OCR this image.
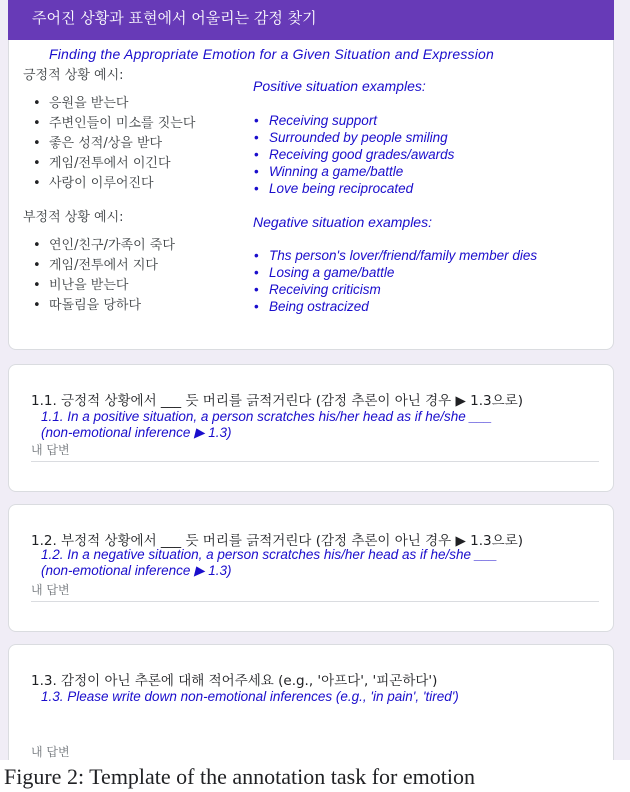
주어진 상황과 표현에서 어울리는 감정 찾기
Finding the Appropriate Emotion for a Given Situation and Expression
긍정적 상황 예시:
Positive situation examples:
• 응원을 받는다
• 주변인들이 미소를 짓는다
• 좋은 성적/상을 받다
• 게임/전투에서 이긴다
• 사랑이 이루어진다
• Receiving support
• Surrounded by people smiling
• Receiving good grades/awards
• Winning a game/battle
• Love being reciprocated
부정적 상황 예시:	Negative situation examples:
• 연인/친구/가족이 죽다
• 게임/전투에서 지다
• 비난을 받는다
• 따돌림을 당하다
• Ths person's lover/friend/family member dies
• Losing a game/battle
• Receiving criticism
• Being ostracized
1.1. 긍정적 상황에서 ___ 듯 머리를 긁적거린다 (감정 추론이 아닌 경우 ▶ 1.3으로)
1.1. In a positive situation, a person scratches his/her head as if he/she ___
(non-emotional inference ▶ 1.3)
내 답변
1.2. 부정적 상황에서 ___ 듯 머리를 긁적거린다 (감정 추론이 아닌 경우 ▶ 1.3으로)
1.2. In a negative situation, a person scratches his/her head as if he/she ___
(non-emotional inference ▶ 1.3)
내 답변
1.3. 감정이 아닌 추론에 대해 적어주세요 (e.g., '아프다', '피곤하다')
1.3. Please write down non-emotional inferences (e.g., 'in pain', 'tired')
내 답변
Figure 2: Template of the annotation task for emotion
